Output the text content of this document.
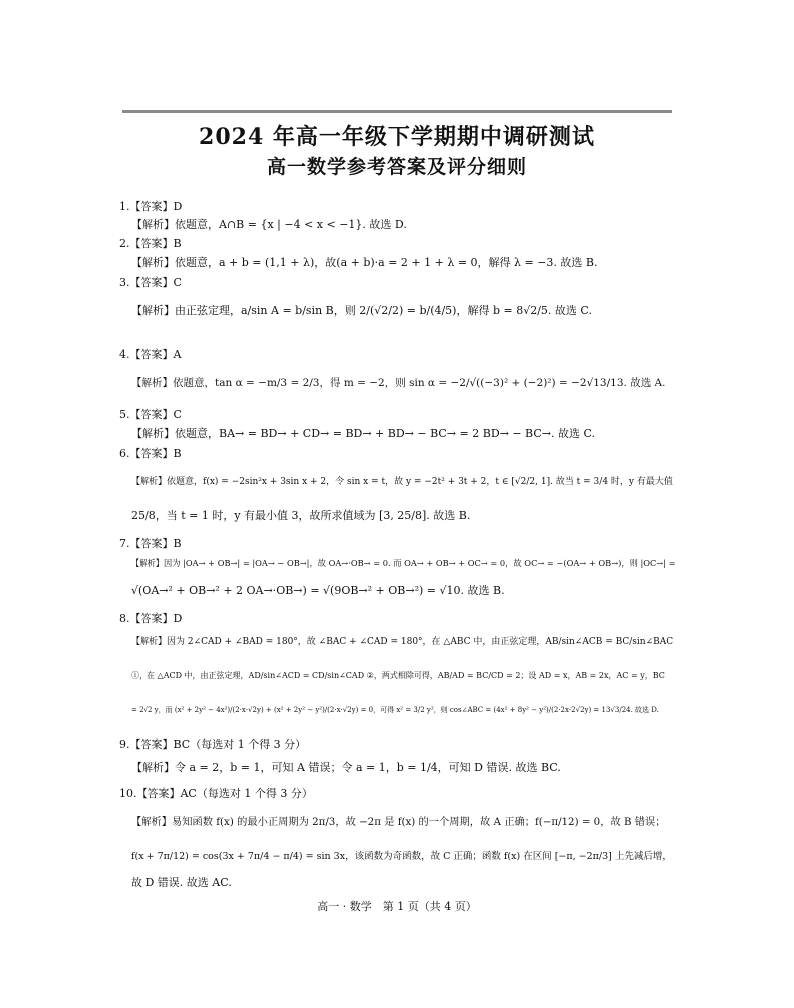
2024 年高一年级下学期期中调研测试
高一数学参考答案及评分细则
1.【答案】D
【解析】依题意，A∩B = {x | −4 < x < −1}. 故选 D.
2.【答案】B
【解析】依题意，a + b = (1,1 + λ)，故(a + b)·a = 2 + 1 + λ = 0，解得 λ = −3. 故选 B.
3.【答案】C
【解析】由正弦定理，a/sin A = b/sin B，则 2/(√2/2) = b/(4/5)，解得 b = 8√2/5. 故选 C.
4.【答案】A
【解析】依题意，tan α = −m/3 = 2/3，得 m = −2，则 sin α = −2/√((−3)² + (−2)²) = −2√13/13. 故选 A.
5.【答案】C
【解析】依题意，BA→ = BD→ + CD→ = BD→ + BD→ − BC→ = 2 BD→ − BC→. 故选 C.
6.【答案】B
【解析】依题意，f(x) = −2sin²x + 3sin x + 2，令 sin x = t，故 y = −2t² + 3t + 2，t ∈ [√2/2, 1]. 故当 t = 3/4 时，y 有最大值
25/8，当 t = 1 时，y 有最小值 3，故所求值域为 [3, 25/8]. 故选 B.
7.【答案】B
【解析】因为 |OA→ + OB→| = |OA→ − OB→|，故 OA→·OB→ = 0. 而 OA→ + OB→ + OC→ = 0，故 OC→ = −(OA→ + OB→)，则 |OC→| =
√(OA→² + OB→² + 2 OA→·OB→) = √(9OB→² + OB→²) = √10. 故选 B.
8.【答案】D
【解析】因为 2∠CAD + ∠BAD = 180°，故 ∠BAC + ∠CAD = 180°，在 △ABC 中，由正弦定理，AB/sin∠ACB = BC/sin∠BAC
①，在 △ACD 中，由正弦定理，AD/sin∠ACD = CD/sin∠CAD ②，两式相除可得，AB/AD = BC/CD = 2；设 AD = x，AB = 2x，AC = y，BC
= 2√2 y，而 (x² + 2y² − 4x²)/(2·x·√2y) + (x² + 2y² − y²)/(2·x·√2y) = 0，可得 x² = 3/2 y²，则 cos∠ABC = (4x² + 8y² − y²)/(2·2x·2√2y) = 13√3/24. 故选 D.
9.【答案】BC（每选对 1 个得 3 分）
【解析】令 a = 2，b = 1，可知 A 错误；令 a = 1，b = 1/4，可知 D 错误. 故选 BC.
10.【答案】AC（每选对 1 个得 3 分）
【解析】易知函数 f(x) 的最小正周期为 2π/3，故 −2π 是 f(x) 的一个周期，故 A 正确；f(−π/12) = 0，故 B 错误；
f(x + 7π/12) = cos(3x + 7π/4 − π/4) = sin 3x，该函数为奇函数，故 C 正确；函数 f(x) 在区间 [−π, −2π/3] 上先减后增，
故 D 错误. 故选 AC.
高一 · 数学　第 1 页（共 4 页）
